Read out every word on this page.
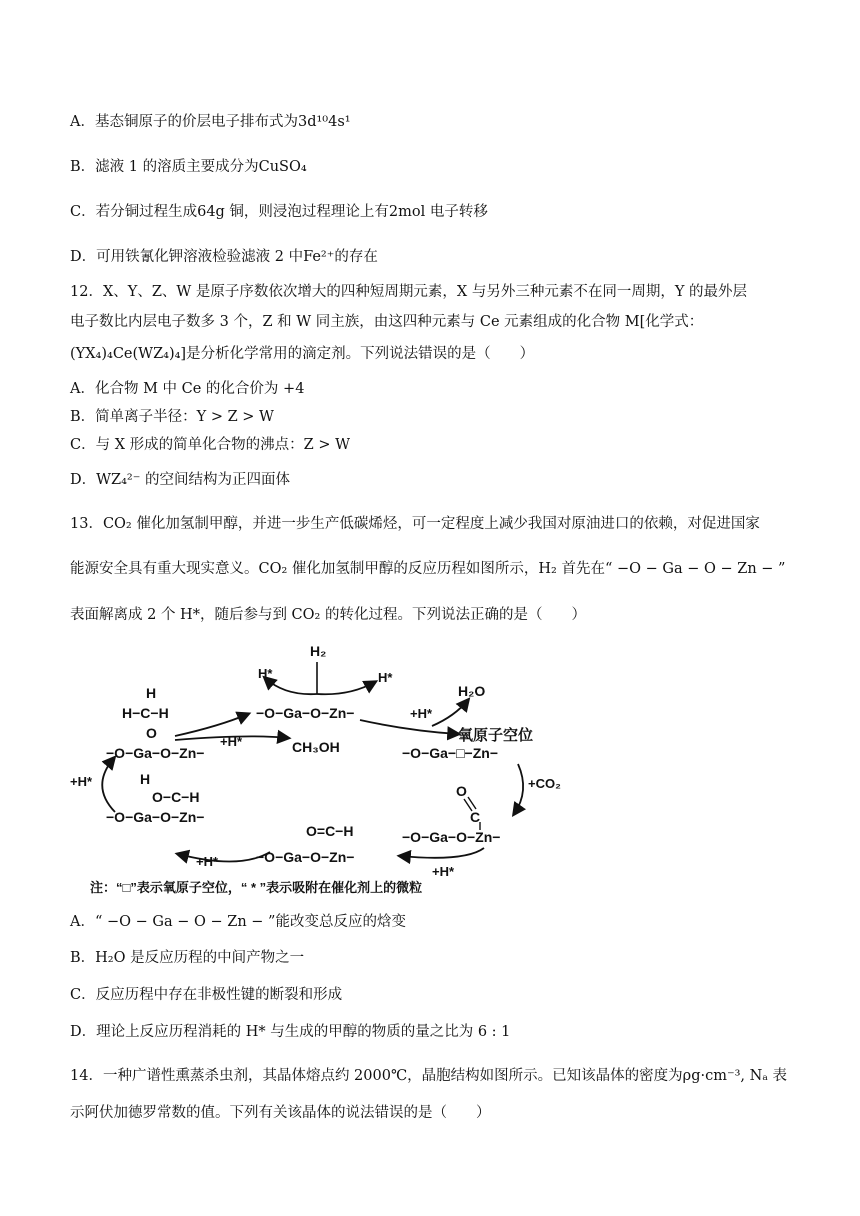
A．基态铜原子的价层电子排布式为3d¹⁰4s¹
B．滤液 1 的溶质主要成分为CuSO₄
C．若分铜过程生成64g 铜，则浸泡过程理论上有2mol 电子转移
D．可用铁氰化钾溶液检验滤液 2 中Fe²⁺的存在
12．X、Y、Z、W 是原子序数依次增大的四种短周期元素，X 与另外三种元素不在同一周期，Y 的最外层
电子数比内层电子数多 3 个，Z 和 W 同主族，由这四种元素与 Ce 元素组成的化合物 M[化学式：
(YX₄)₄Ce(WZ₄)₄]是分析化学常用的滴定剂。下列说法错误的是（　　）
A．化合物 M 中 Ce 的化合价为 +4
B．简单离子半径：Y > Z > W
C．与 X 形成的简单化合物的沸点：Z > W
D．WZ₄²⁻ 的空间结构为正四面体
13．CO₂ 催化加氢制甲醇，并进一步生产低碳烯烃，可一定程度上减少我国对原油进口的依赖，对促进国家
能源安全具有重大现实意义。CO₂ 催化加氢制甲醇的反应历程如图所示，H₂ 首先在“ −O − Ga − O − Zn − ”
表面解离成 2 个 H*，随后参与到 CO₂ 的转化过程。下列说法正确的是（　　）
H₂
H*	H*
−O−Ga−O−Zn−
H₂O
+H*
氧原子空位
−O−Ga−□−Zn−
+CO₂
O
C
−O−Ga−O−Zn−
+H*
O=C−H
−O−Ga−O−Zn−
+H*
H
O−C−H
−O−Ga−O−Zn−
+H*
H
H−C−H
O
−O−Ga−O−Zn−
+H*	CH₃OH
注：“□”表示氧原子空位，“ * ”表示吸附在催化剂上的微粒
A．“ −O − Ga − O − Zn − ”能改变总反应的焓变
B．H₂O 是反应历程的中间产物之一
C．反应历程中存在非极性键的断裂和形成
D．理论上反应历程消耗的 H* 与生成的甲醇的物质的量之比为 6 : 1
14．一种广谱性熏蒸杀虫剂，其晶体熔点约 2000℃，晶胞结构如图所示。已知该晶体的密度为ρg·cm⁻³, Nₐ 表
示阿伏加德罗常数的值。下列有关该晶体的说法错误的是（　　）
